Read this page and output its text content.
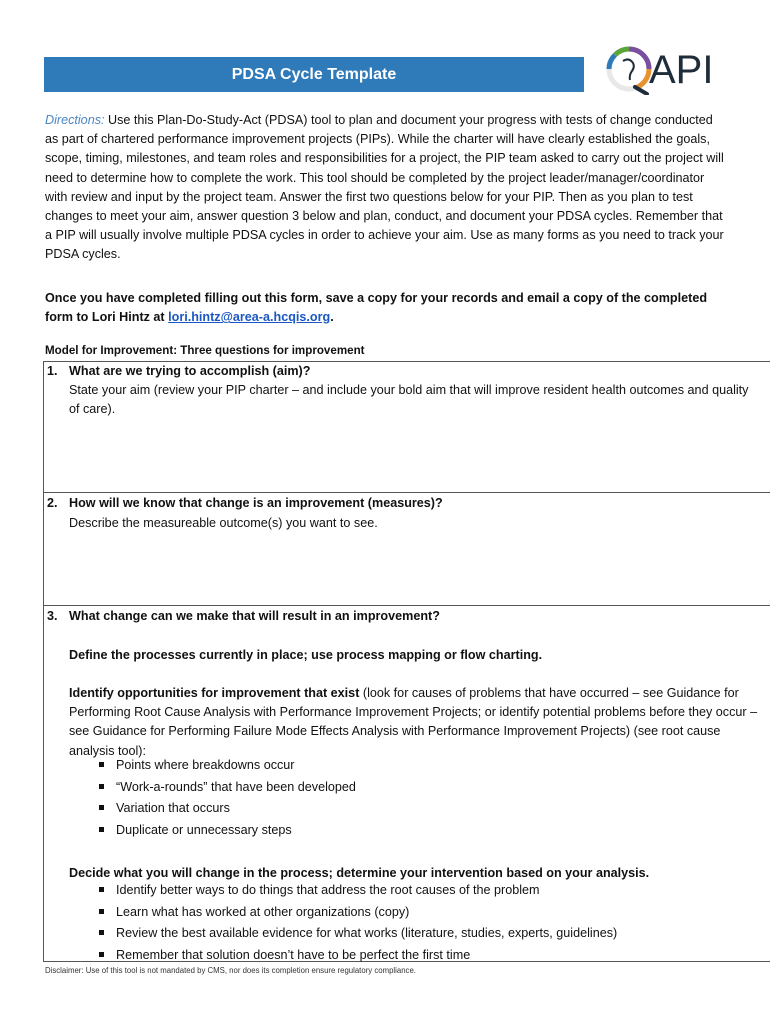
PDSA Cycle Template	API

Directions: Use this Plan-Do-Study-Act (PDSA) tool to plan and document your progress with tests of change conducted as part of chartered performance improvement projects (PIPs). While the charter will have clearly established the goals, scope, timing, milestones, and team roles and responsibilities for a project, the PIP team asked to carry out the project will need to determine how to complete the work. This tool should be completed by the project leader/manager/coordinator with review and input by the project team. Answer the first two questions below for your PIP. Then as you plan to test changes to meet your aim, answer question 3 below and plan, conduct, and document your PDSA cycles. Remember that a PIP will usually involve multiple PDSA cycles in order to achieve your aim. Use as many forms as you need to track your PDSA cycles.

Once you have completed filling out this form, save a copy for your records and email a copy of the completed form to Lori Hintz at lori.hintz@area-a.hcqis.org.

Model for Improvement: Three questions for improvement
1. What are we trying to accomplish (aim)?
State your aim (review your PIP charter – and include your bold aim that will improve resident health outcomes and quality of care).
2. How will we know that change is an improvement (measures)?
Describe the measureable outcome(s) you want to see.
3. What change can we make that will result in an improvement?
Define the processes currently in place; use process mapping or flow charting.
Identify opportunities for improvement that exist (look for causes of problems that have occurred – see Guidance for Performing Root Cause Analysis with Performance Improvement Projects; or identify potential problems before they occur – see Guidance for Performing Failure Mode Effects Analysis with Performance Improvement Projects) (see root cause analysis tool):
Points where breakdowns occur
“Work-a-rounds” that have been developed
Variation that occurs
Duplicate or unnecessary steps
Decide what you will change in the process; determine your intervention based on your analysis.
Identify better ways to do things that address the root causes of the problem
Learn what has worked at other organizations (copy)
Review the best available evidence for what works (literature, studies, experts, guidelines)
Remember that solution doesn’t have to be perfect the first time
Disclaimer: Use of this tool is not mandated by CMS, nor does its completion ensure regulatory compliance.
